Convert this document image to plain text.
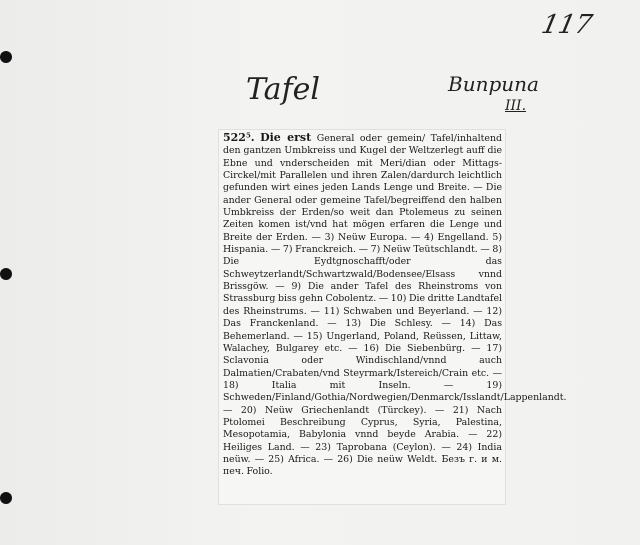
117
Tafel	Випрuna
III.

522⁵. Die erst General oder gemein/ Tafel/inhaltend den gantzen Umbkreiss und Kugel der Weltzerlegt auff die Ebne und vnderscheiden mit Meri/dian oder Mittags-Circkel/mit Parallelen und ihren Zalen/dardurch leichtlich gefunden wirt eines jeden Lands Lenge und Breite. — Die ander General oder gemeine Tafel/begreiffend den halben Umbkreiss der Erden/so weit dan Ptolemeus zu seinen Zeiten komen ist/vnd hat mögen erfaren die Lenge und Breite der Erden. — 3) Neüw Europa. — 4) Engelland. 5) Hispania. — 7) Franckreich. — 7) Neüw Teütschlandt. — 8) Die Eydtgnoschafft/oder das Schweytzerlandt/Schwartzwald/Bodensee/Elsass vnnd Brissgöw. — 9) Die ander Tafel des Rheinstroms von Strassburg biss gehn Cobolentz. — 10) Die dritte Landtafel des Rheinstrums. — 11) Schwaben und Beyerland. — 12) Das Franckenland. — 13) Die Schlesy. — 14) Das Behemerland. — 15) Ungerland, Poland, Reüssen, Littaw, Walachey, Bulgarey etc. — 16) Die Siebenbürg. — 17) Sclavonia oder Windischland/vnnd auch Dalmatien/Crabaten/vnd Steyrmark/Istereich/Crain etc. — 18) Italia mit Inseln. — 19) Schweden/Finland/Gothia/Nordwegien/Denmarck/Isslandt/Lappenlandt. — 20) Neüw Griechenlandt (Türckey). — 21) Nach Ptolomei Beschreibung Cyprus, Syria, Palestina, Mesopotamia, Babylonia vnnd beyde Arabia. — 22) Heiliges Land. — 23) Taprobana (Ceylon). — 24) India neüw. — 25) Africa. — 26) Die neüw Weldt. Безъ г. и м. печ. Folio.
